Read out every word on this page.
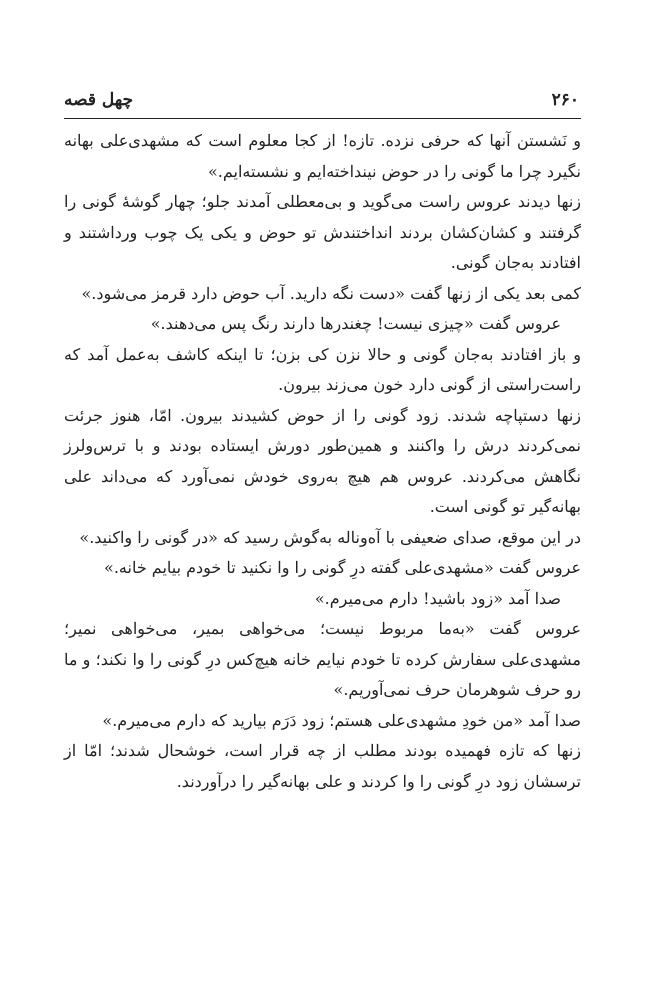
۲۶۰
چهل قصه

و نَشستن آنها که حرفی نزده. تازه! از کجا معلوم است که مشهدی‌علی بهانه نگیرد چرا ما گونی را در حوض نینداخته‌ایم و نشسته‌ایم.»

زنها دیدند عروس راست می‌گوید و بی‌معطلی آمدند جلو؛ چهار گوشهٔ گونی را گرفتند و کشان‌کشان بردند انداختندش تو حوض و یکی یک چوب ورداشتند و افتادند به‌جان گونی.

کمی بعد یکی از زنها گفت «دست نگه دارید. آب حوض دارد قرمز می‌شود.»

عروس گفت «چیزی نیست! چغندرها دارند رنگ پس می‌دهند.»

و باز افتادند به‌جان گونی و حالا نزن کی بزن؛ تا اینکه کاشف به‌عمل آمد که راست‌راستی از گونی دارد خون می‌زند بیرون.

زنها دستپاچه شدند. زود گونی را از حوض کشیدند بیرون. امّا، هنوز جرئت نمی‌کردند درش را واکنند و همین‌طور دورش ایستاده بودند و با ترس‌ولرز نگاهش می‌کردند. عروس هم هیچ به‌روی خودش نمی‌آورد که می‌داند علی بهانه‌گیر تو گونی است.

در این موقع، صدای ضعیفی با آه‌وناله به‌گوش رسید که «در گونی را واکنید.»

عروس گفت «مشهدی‌علی گفته درِ گونی را وا نکنید تا خودم بیایم خانه.»

صدا آمد «زود باشید! دارم می‌میرم.»

عروس گفت «به‌ما مربوط نیست؛ می‌خواهی بمیر، می‌خواهی نمیر؛ مشهدی‌علی سفارش کرده تا خودم نیایم خانه هیچ‌کس درِ گونی را وا نکند؛ و ما رو حرف شوهرمان حرف نمی‌آوریم.»

صدا آمد «من خودِ مشهدی‌علی هستم؛ زود دَرَم بیارید که دارم می‌میرم.»

زنها که تازه فهمیده بودند مطلب از چه قرار است، خوشحال شدند؛ امّا از ترسشان زود درِ گونی را وا کردند و علی بهانه‌گیر را درآوردند.
